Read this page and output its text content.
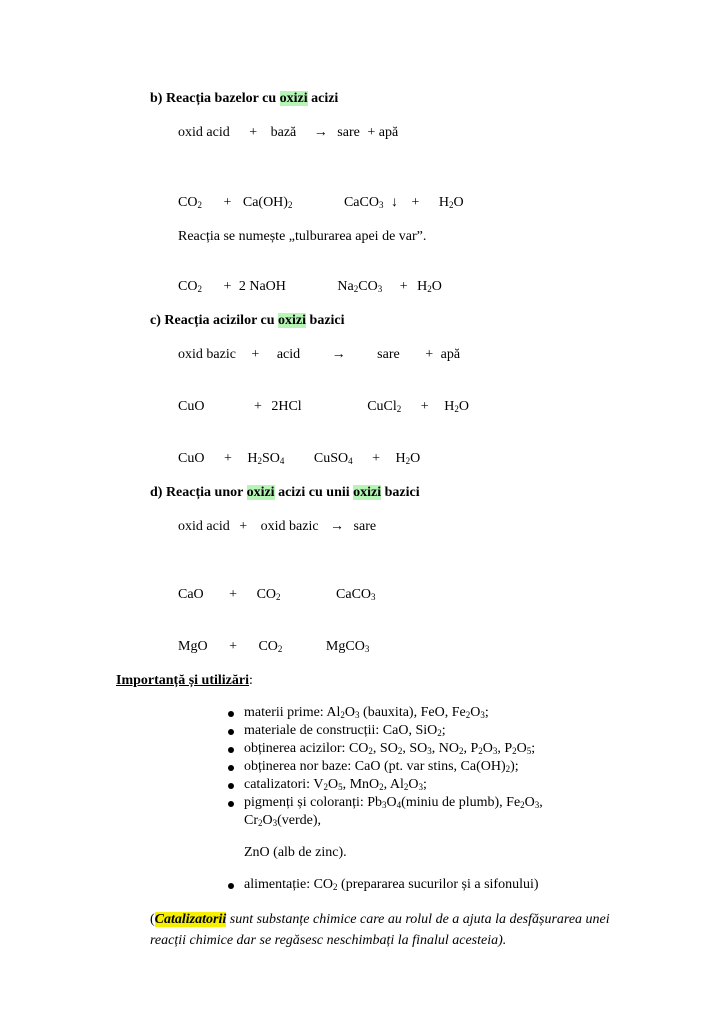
b) Reacția bazelor cu oxizi acizi
oxid acid + bază → sare + apă
$CO_2 + Ca(OH)_2$	CaCO$_3$ ↓ + $H_2O$
Reacția se numește „tulburarea apei de var”.
$CO_2 + 2$ NaOH	$Na_2CO_3 + H_2O$
c) Reacția acizilor cu oxizi bazici
oxid bazic + acid → sare + apă
CuO	+ 2HCl	CuCl$_2$ + $H_2O$
CuO + $H_2SO_4$ CuSO$_4$ + $H_2O$
d) Reacția unor oxizi acizi cu unii oxizi bazici
oxid acid + oxid bazic → sare
CaO + $CO_2$	CaCO$_3$
MgO + $CO_2$	MgCO$_3$
Importanță și utilizări:
materii prime: $Al_2O_3$ (bauxita), FeO, $Fe_2O_3$;
materiale de construcții: CaO, SiO$_2$;
obținerea acizilor: $CO_2$, $SO_2$, $SO_3$, $NO_2$, $P_2O_3$, $P_2O_5$;
obținerea nor baze: CaO (pt. var stins, $Ca(OH)_2$);
catalizatori: $V_2O_5$, MnO$_2$, $Al_2O_3$;
pigmenți și coloranți: $Pb_3O_4(miniu$ de plumb), $Fe_2O_3$,
$Cr_2O_3(verde)$,
ZnO (alb de zinc).
alimentație: $CO_2$ (prepararea sucurilor și a sifonului)
(Catalizatorii sunt substanțe chimice care au rolul de a ajuta la desfășurarea unei reacții chimice dar se regăsesc neschimbați la finalul acesteia).
